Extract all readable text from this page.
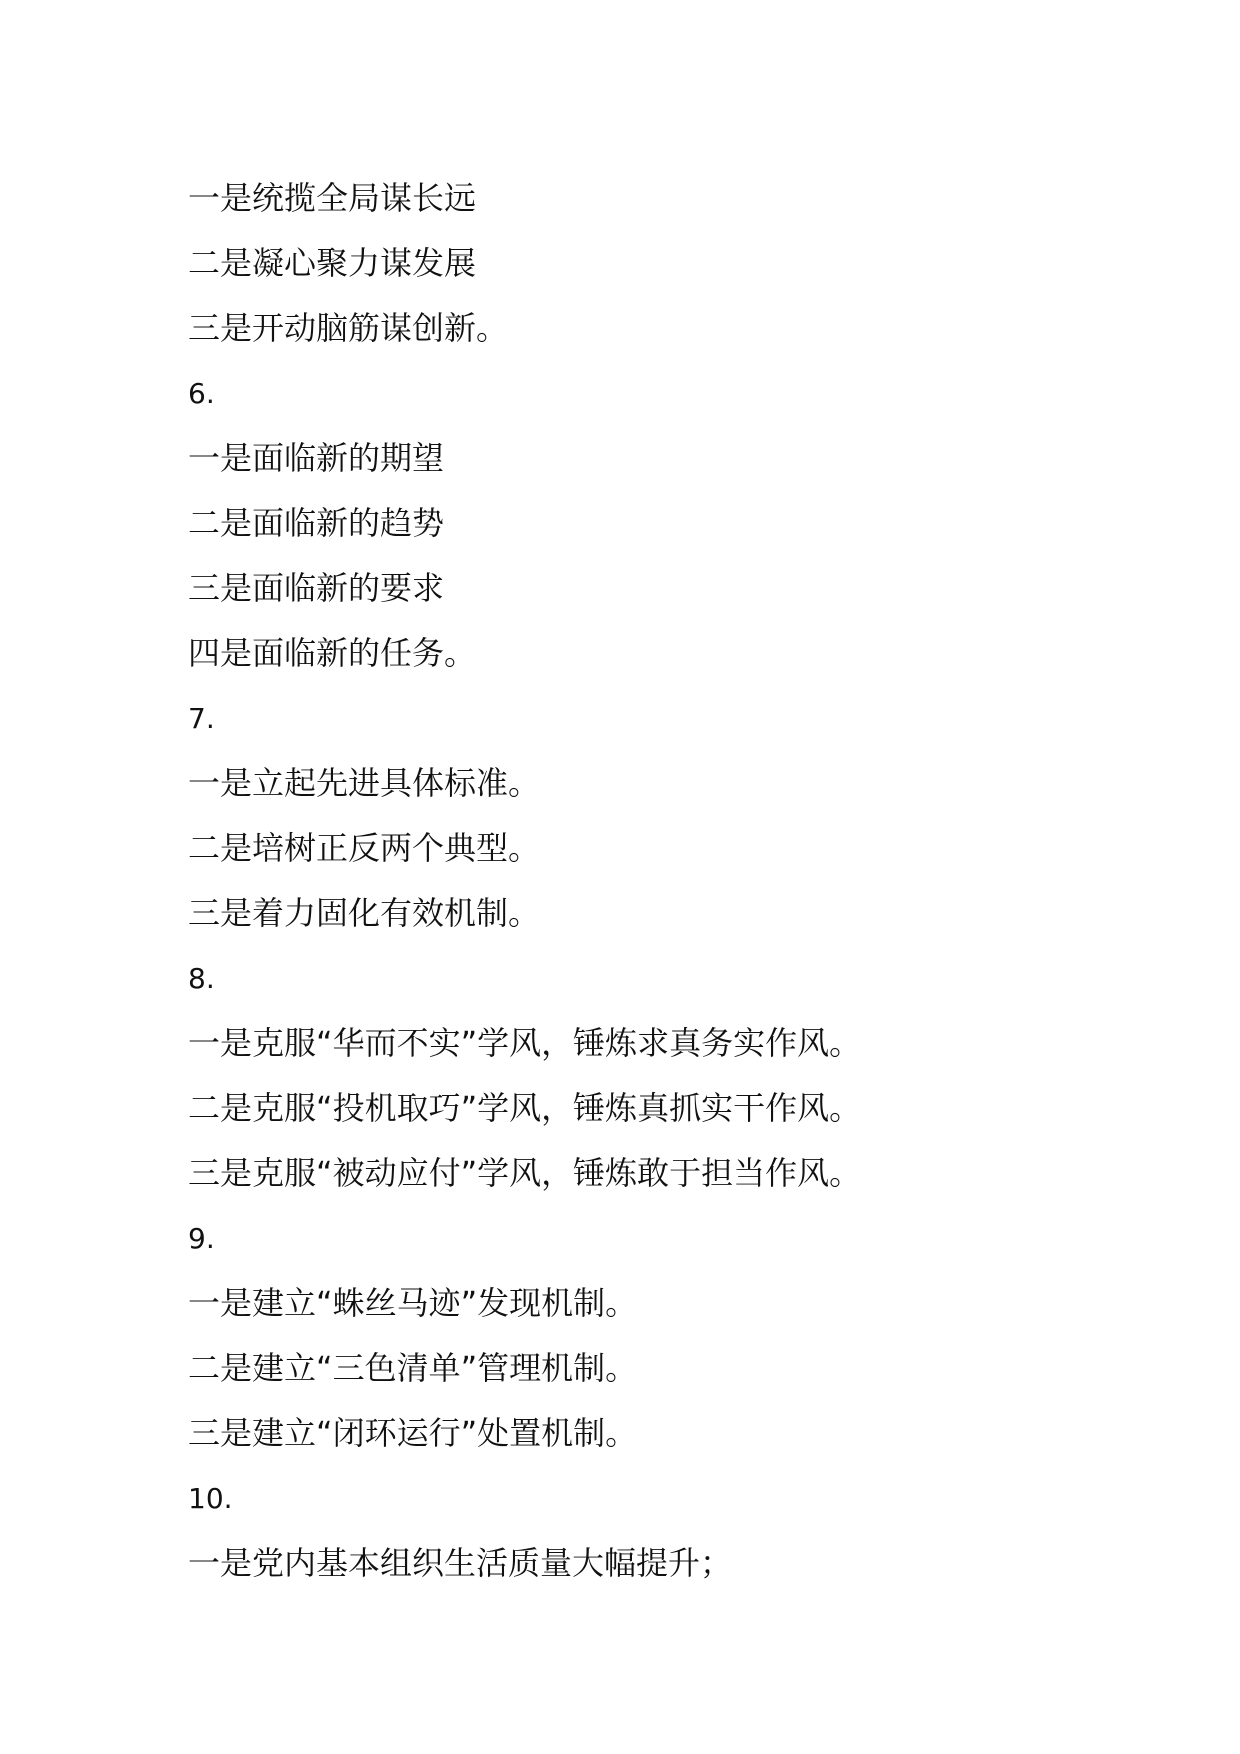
一是统揽全局谋长远
二是凝心聚力谋发展
三是开动脑筋谋创新。
6.
一是面临新的期望
二是面临新的趋势
三是面临新的要求
四是面临新的任务。
7.
一是立起先进具体标准。
二是培树正反两个典型。
三是着力固化有效机制。
8.
一是克服“华而不实”学风，锤炼求真务实作风。
二是克服“投机取巧”学风，锤炼真抓实干作风。
三是克服“被动应付”学风，锤炼敢于担当作风。
9.
一是建立“蛛丝马迹”发现机制。
二是建立“三色清单”管理机制。
三是建立“闭环运行”处置机制。
10.
一是党内基本组织生活质量大幅提升；
